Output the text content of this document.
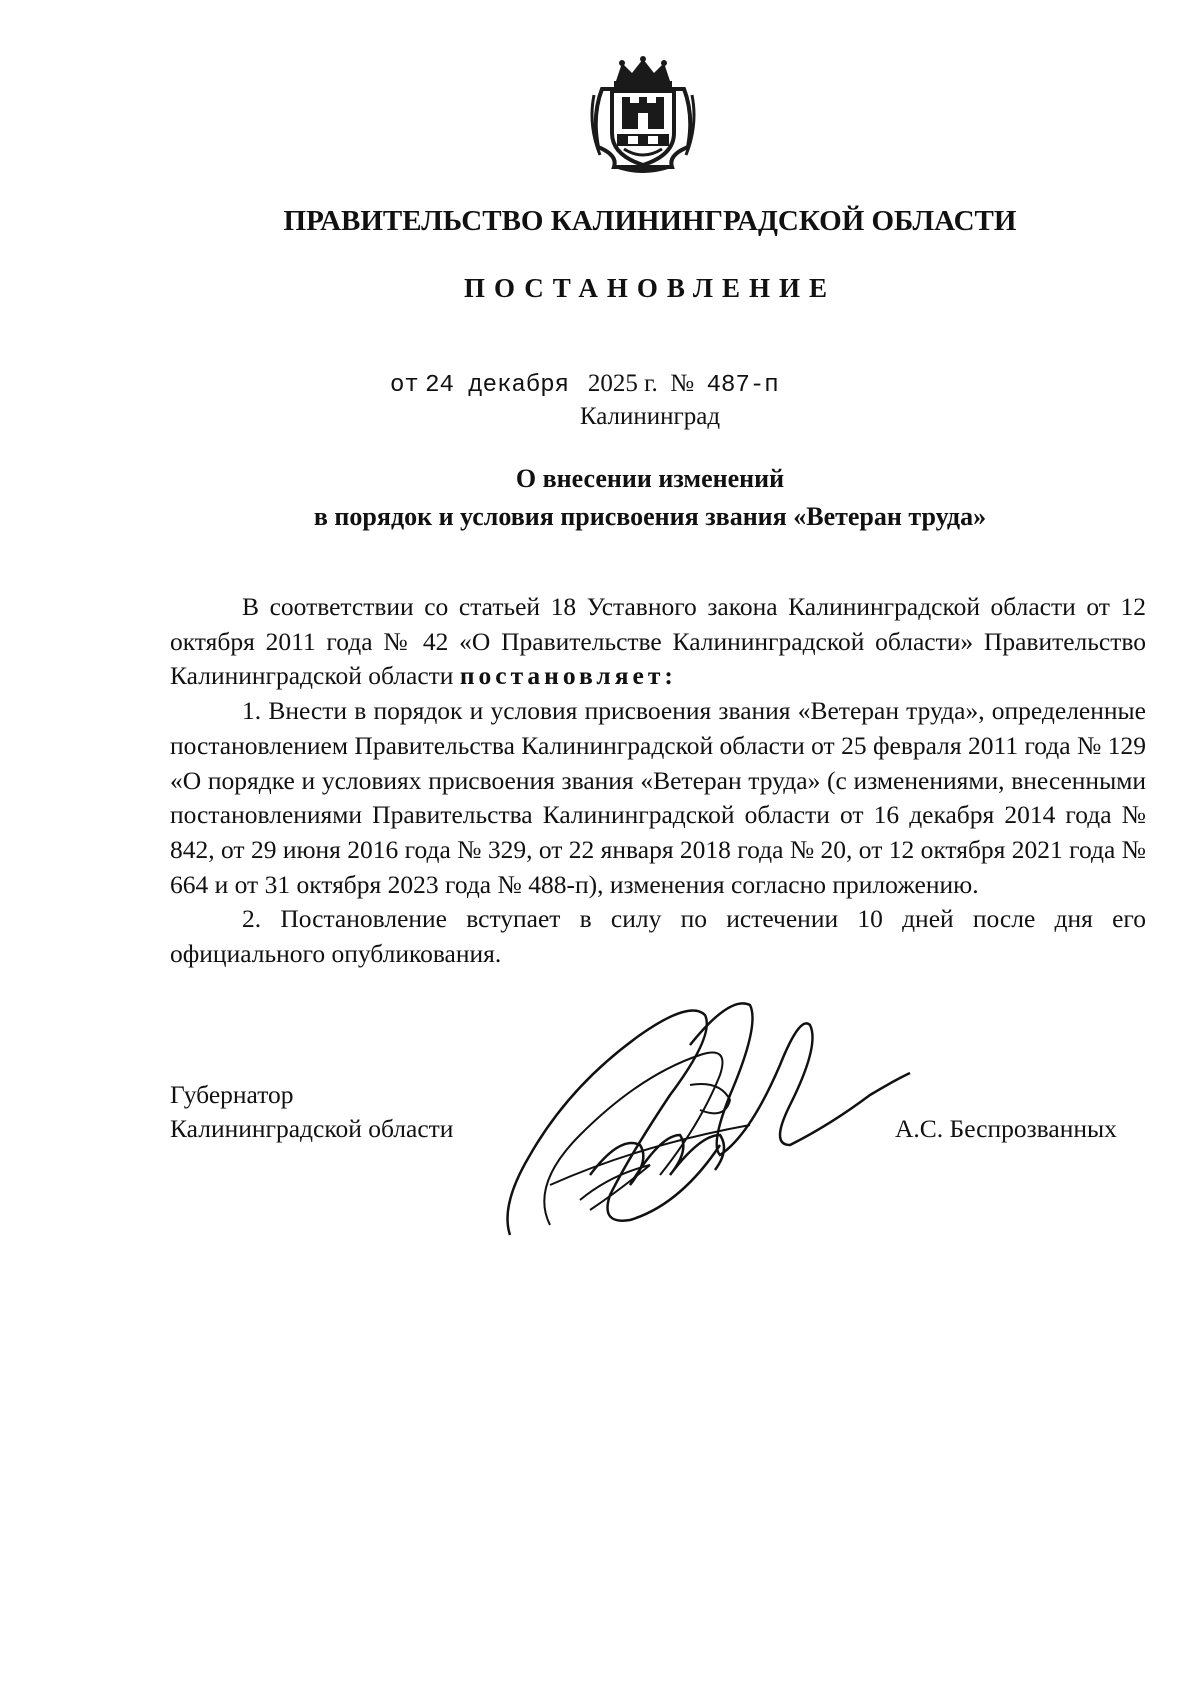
ПРАВИТЕЛЬСТВО КАЛИНИНГРАДСКОЙ ОБЛАСТИ
ПОСТАНОВЛЕНИЕ
от 24 декабря 2025 г. № 487-п
Калининград
О внесении изменений
в порядок и условия присвоения звания «Ветеран труда»

В соответствии со статьей 18 Уставного закона Калининградской области от 12 октября 2011 года № 42 «О Правительстве Калининградской области» Правительство Калининградской области постановляет:

1. Внести в порядок и условия присвоения звания «Ветеран труда», определенные постановлением Правительства Калининградской области от 25 февраля 2011 года № 129 «О порядке и условиях присвоения звания «Ветеран труда» (с изменениями, внесенными постановлениями Правительства Калининградской области от 16 декабря 2014 года № 842, от 29 июня 2016 года № 329, от 22 января 2018 года № 20, от 12 октября 2021 года № 664 и от 31 октября 2023 года № 488-п), изменения согласно приложению.

2. Постановление вступает в силу по истечении 10 дней после дня его официального опубликования.

Губернатор
Калининградской области	А.С. Беспрозванных
